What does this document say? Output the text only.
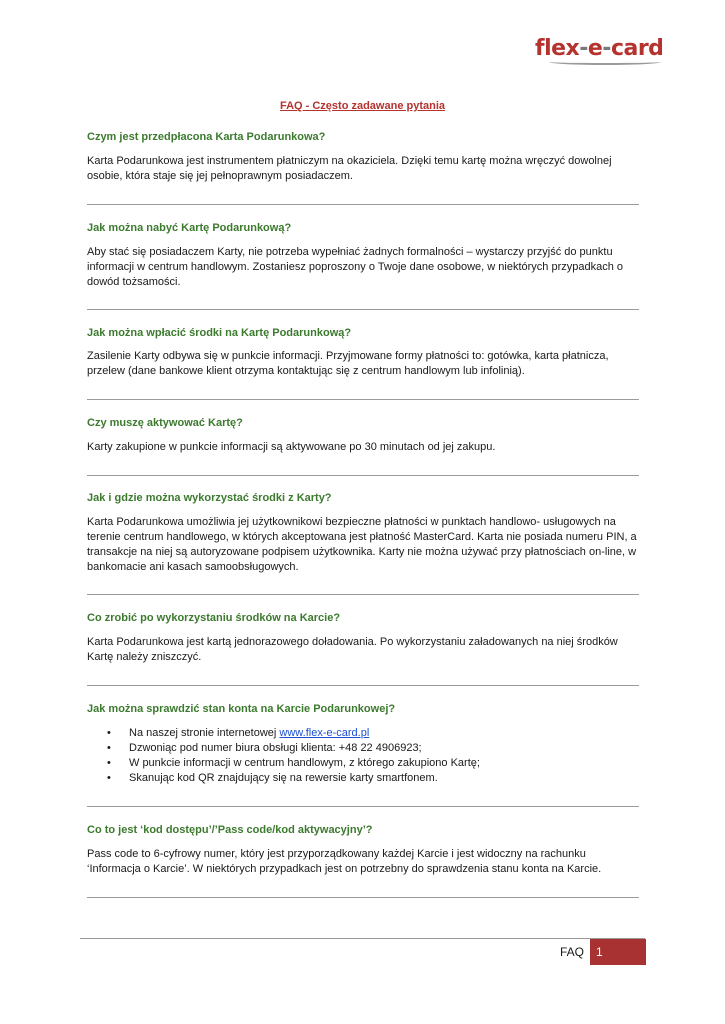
flex-e-card
FAQ - Często zadawane pytania

Czym jest przedpłacona Karta Podarunkowa?

Karta Podarunkowa jest instrumentem płatniczym na okaziciela. Dzięki temu kartę można wręczyć dowolnej osobie, która staje się jej pełnoprawnym posiadaczem.

Jak można nabyć Kartę Podarunkową?

Aby stać się posiadaczem Karty, nie potrzeba wypełniać żadnych formalności – wystarczy przyjść do punktu informacji w centrum handlowym. Zostaniesz poproszony o Twoje dane osobowe, w niektórych przypadkach o dowód tożsamości.

Jak można wpłacić środki na Kartę Podarunkową?

Zasilenie Karty odbywa się w punkcie informacji. Przyjmowane formy płatności to: gotówka, karta płatnicza, przelew (dane bankowe klient otrzyma kontaktując się z centrum handlowym lub infolinią).

Czy muszę aktywować Kartę?

Karty zakupione w punkcie informacji są aktywowane po 30 minutach od jej zakupu.

Jak i gdzie można wykorzystać środki z Karty?

Karta Podarunkowa umożliwia jej użytkownikowi bezpieczne płatności w punktach handlowo- usługowych na terenie centrum handlowego, w których akceptowana jest płatność MasterCard. Karta nie posiada numeru PIN, a transakcje na niej są autoryzowane podpisem użytkownika. Karty nie można używać przy płatnościach on-line, w bankomacie ani kasach samoobsługowych.

Co zrobić po wykorzystaniu środków na Karcie?

Karta Podarunkowa jest kartą jednorazowego doładowania. Po wykorzystaniu załadowanych na niej środków Kartę należy zniszczyć.

Jak można sprawdzić stan konta na Karcie Podarunkowej?

• Na naszej stronie internetowej www.flex-e-card.pl
• Dzwoniąc pod numer biura obsługi klienta: +48 22 4906923;
• W punkcie informacji w centrum handlowym, z którego zakupiono Kartę;
• Skanując kod QR znajdujący się na rewersie karty smartfonem.

Co to jest ‘kod dostępu’/’Pass code/kod aktywacyjny’?

Pass code to 6-cyfrowy numer, który jest przyporządkowany każdej Karcie i jest widoczny na rachunku ‘Informacja o Karcie’. W niektórych przypadkach jest on potrzebny do sprawdzenia stanu konta na Karcie.

FAQ 1
